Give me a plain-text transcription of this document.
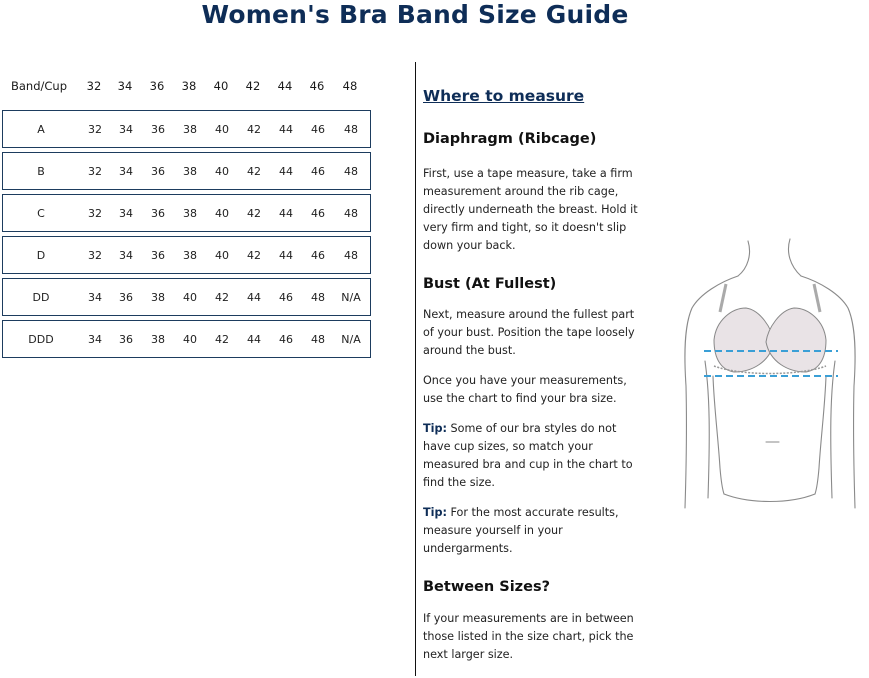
Women's Bra Band Size Guide
Band/Cup	32	34	36	38	40	42	44	46	48
A	32	34	36	38	40	42	44	46	48
B	32	34	36	38	40	42	44	46	48
C	32	34	36	38	40	42	44	46	48
D	32	34	36	38	40	42	44	46	48
DD	34	36	38	40	42	44	46	48	N/A
DDD	34	36	38	40	42	44	46	48	N/A
Where to measure
Diaphragm (Ribcage)
First, use a tape measure, take a firm
measurement around the rib cage,
directly underneath the breast. Hold it
very firm and tight, so it doesn't slip
down your back.
Bust (At Fullest)
Next, measure around the fullest part
of your bust. Position the tape loosely
around the bust.
Once you have your measurements,
use the chart to find your bra size.
Tip: Some of our bra styles do not
have cup sizes, so match your
measured bra and cup in the chart to
find the size.
Tip: For the most accurate results,
measure yourself in your
undergarments.
Between Sizes?
If your measurements are in between
those listed in the size chart, pick the
next larger size.
